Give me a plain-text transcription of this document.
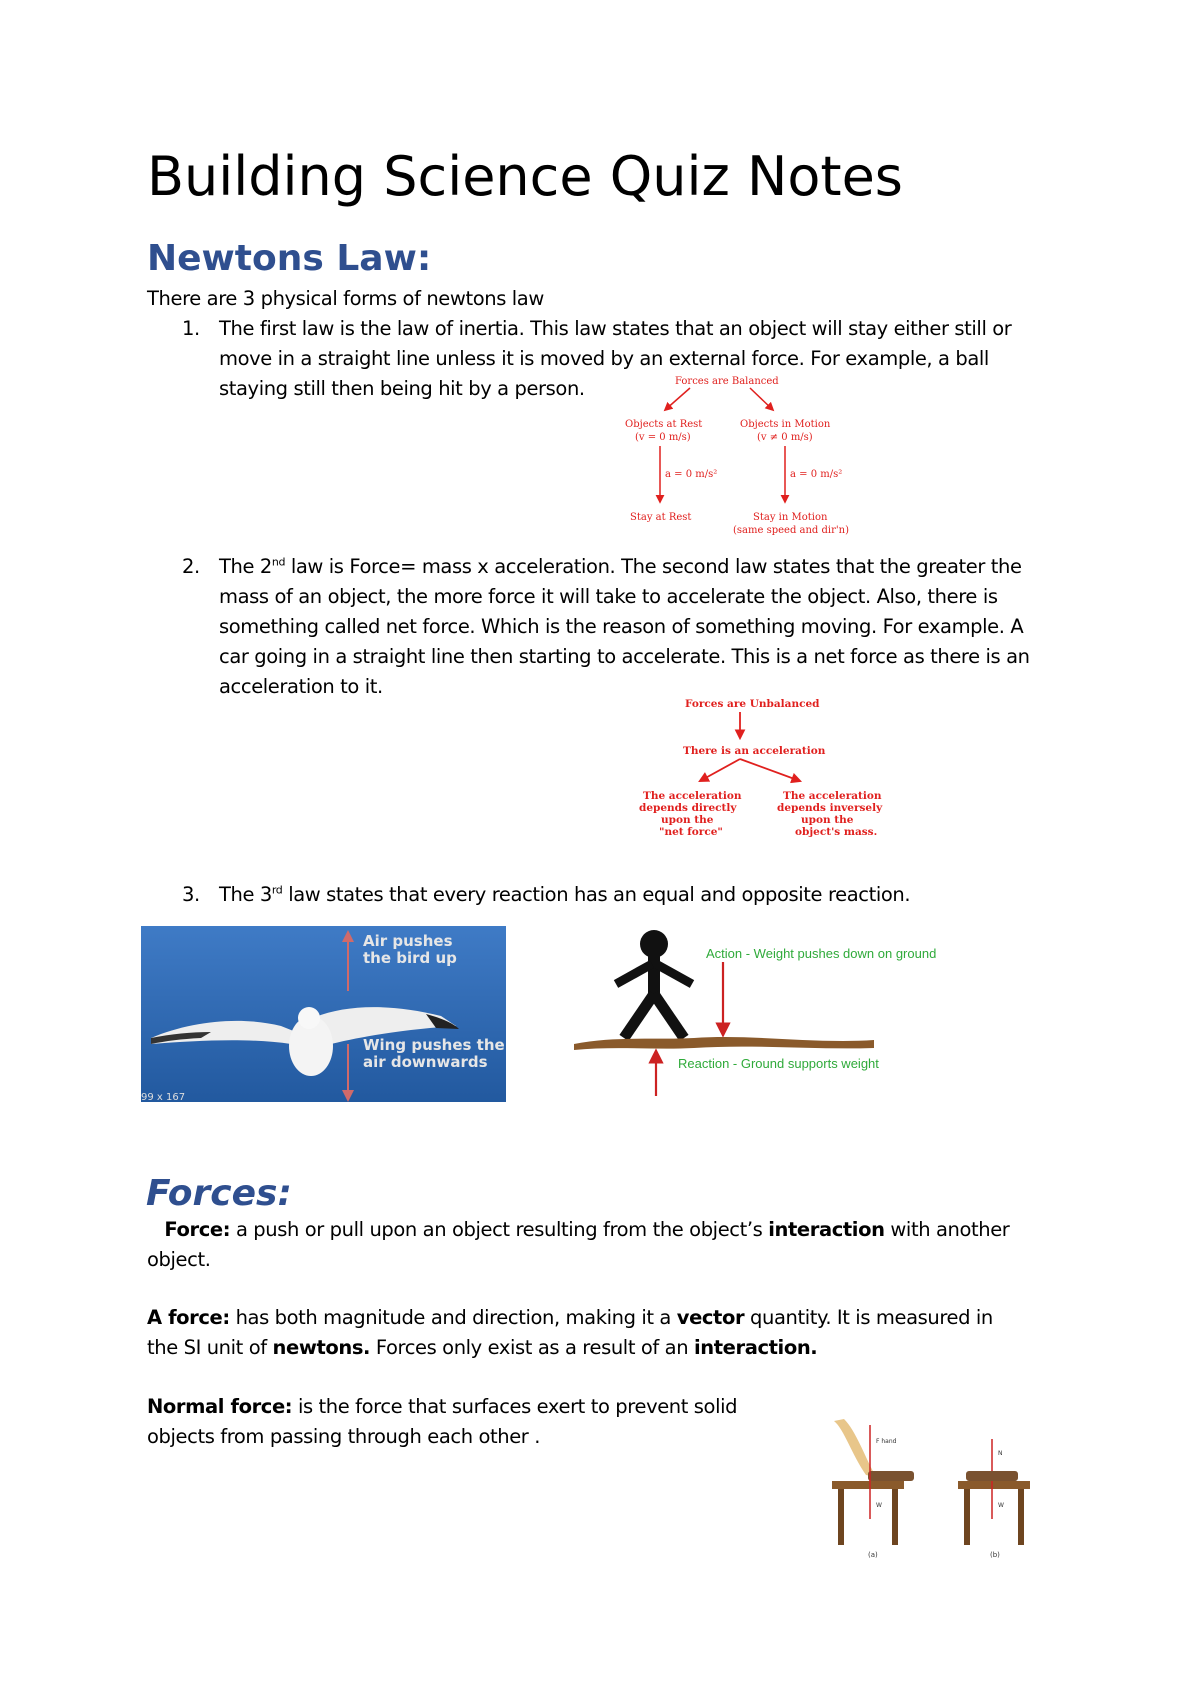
Building Science Quiz Notes
Newtons Law:
There are 3 physical forms of newtons law
1. The first law is the law of inertia. This law states that an object will stay either still or
move in a straight line unless it is moved by an external force. For example, a ball
staying still then being hit by a person.	Forces are Balanced
Objects at Rest
(v = 0 m/s)
Objects in Motion
(v ≠ 0 m/s)
a = 0 m/s²	a = 0 m/s²
Stay at Rest	Stay in Motion
(same speed and dir'n)
2. The 2nd law is Force= mass x acceleration. The second law states that the greater the
mass of an object, the more force it will take to accelerate the object. Also, there is
something called net force. Which is the reason of something moving. For example. A
car going in a straight line then starting to accelerate. This is a net force as there is an
acceleration to it.
Forces are Unbalanced
There is an acceleration
The acceleration
depends directly
upon the
"net force"
The acceleration
depends inversely
upon the
object's mass.
3. The 3rd law states that every reaction has an equal and opposite reaction.
Air pushes
the bird up
Wing pushes the
air downwards
99 x 167
Action - Weight pushes down on ground
Reaction - Ground supports weight
Forces:
Force: a push or pull upon an object resulting from the object’s interaction with another
object.
A force: has both magnitude and direction, making it a vector quantity. It is measured in
the SI unit of newtons. Forces only exist as a result of an interaction.
Normal force: is the force that surfaces exert to prevent solid
objects from passing through each other .	F hand
W
(a)
N
W
(b)
